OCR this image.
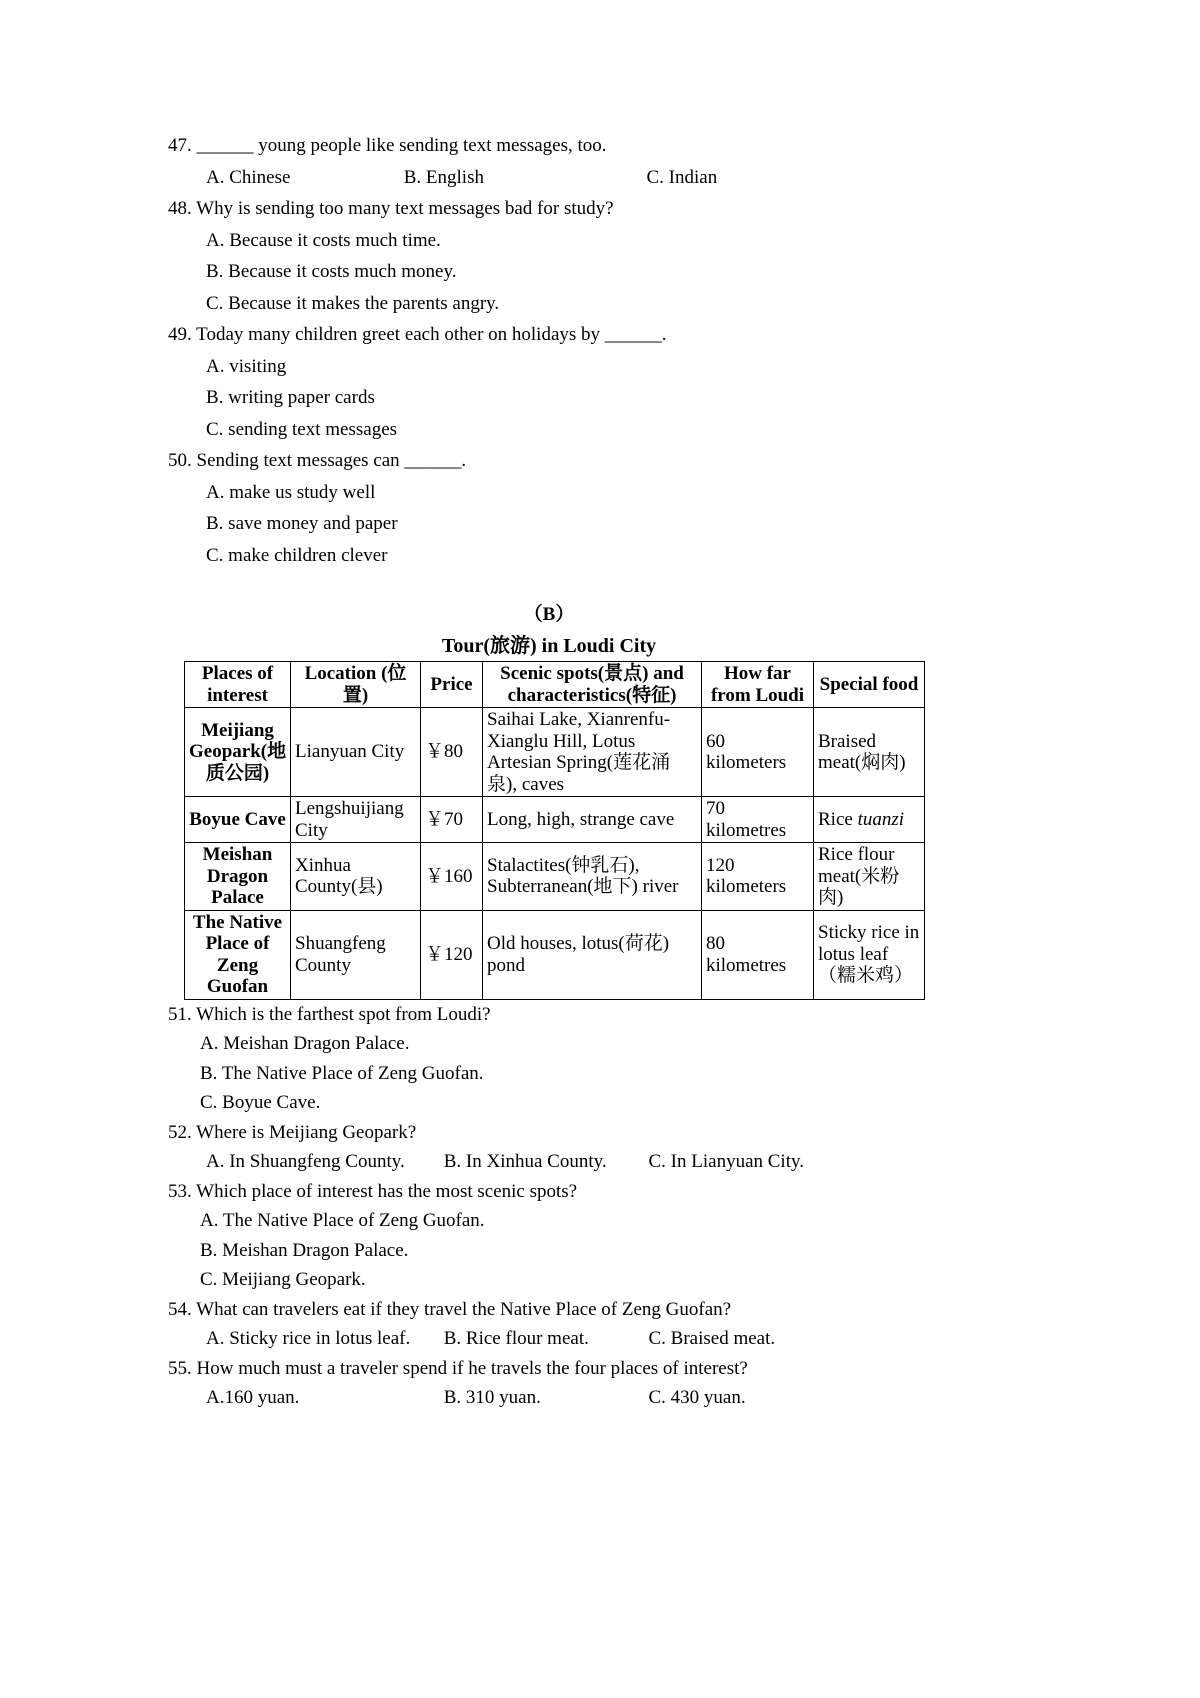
47. ______ young people like sending text messages, too.
A. Chinese	B. English	C. Indian
48. Why is sending too many text messages bad for study?
A. Because it costs much time.
B. Because it costs much money.
C. Because it makes the parents angry.
49. Today many children greet each other on holidays by ______.
A. visiting
B. writing paper cards
C. sending text messages
50. Sending text messages can ______.
A. make us study well
B. save money and paper
C. make children clever
（B）
Tour(旅游) in Loudi City
Places of interest	Location (位置)	Price	Scenic spots(景点) and characteristics(特征)	How far from Loudi	Special food
Meijiang Geopark(地质公园)	Lianyuan City	￥80	Saihai Lake, Xianrenfu-Xianglu Hill, Lotus Artesian Spring(莲花涌泉), caves	60 kilometers	Braised meat(焖肉)
Boyue Cave	Lengshuijiang City	￥70	Long, high, strange cave	70 kilometres	Rice tuanzi
Meishan Dragon Palace	Xinhua County(县)	￥160	Stalactites(钟乳石), Subterranean(地下) river	120 kilometers	Rice flour meat(米粉肉)
The Native Place of Zeng Guofan	Shuangfeng County	￥120	Old houses, lotus(荷花) pond	80 kilometres	Sticky rice in lotus leaf （糯米鸡）
51. Which is the farthest spot from Loudi?
A. Meishan Dragon Palace.
B. The Native Place of Zeng Guofan.
C. Boyue Cave.
52. Where is Meijiang Geopark?
A. In Shuangfeng County. B. In Xinhua County. C. In Lianyuan City.
53. Which place of interest has the most scenic spots?
A. The Native Place of Zeng Guofan.
B. Meishan Dragon Palace.
C. Meijiang Geopark.
54. What can travelers eat if they travel the Native Place of Zeng Guofan?
A. Sticky rice in lotus leaf. B. Rice flour meat.	C. Braised meat.
55. How much must a traveler spend if he travels the four places of interest?
A.160 yuan.	B. 310 yuan.	C. 430 yuan.
